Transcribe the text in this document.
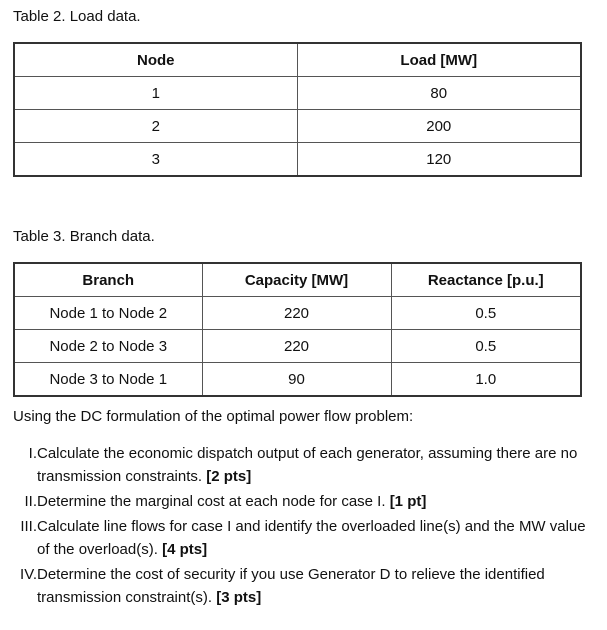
Table 2. Load data.

Node	Load [MW]
1	80
2	200
3	120

Table 3. Branch data.

Branch	Capacity [MW]	Reactance [p.u.]
Node 1 to Node 2	220	0.5
Node 2 to Node 3	220	0.5
Node 3 to Node 1	90	1.0

Using the DC formulation of the optimal power flow problem:

I. Calculate the economic dispatch output of each generator, assuming there are no transmission constraints. [2 pts]
II. Determine the marginal cost at each node for case I. [1 pt]
III. Calculate line flows for case I and identify the overloaded line(s) and the MW value of the overload(s). [4 pts]
IV. Determine the cost of security if you use Generator D to relieve the identified transmission constraint(s). [3 pts]
